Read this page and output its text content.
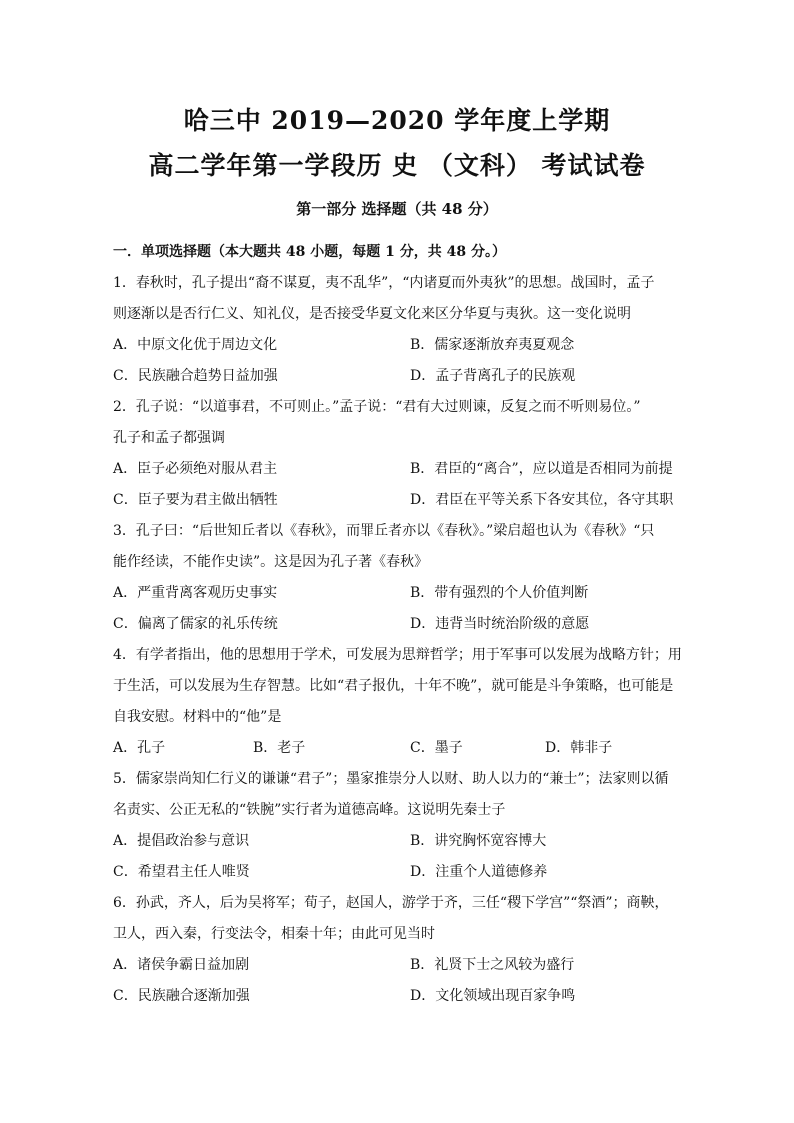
哈三中 2019—2020 学年度上学期
高二学年第一学段历 史 （文科） 考试试卷
第一部分 选择题（共 48 分）
一．单项选择题（本大题共 48 小题，每题 1 分，共 48 分。）
1．春秋时，孔子提出“裔不谋夏，夷不乱华”，“内诸夏而外夷狄”的思想。战国时，孟子
则逐渐以是否行仁义、知礼仪，是否接受华夏文化来区分华夏与夷狄。这一变化说明
A．中原文化优于周边文化	B．儒家逐渐放弃夷夏观念
C．民族融合趋势日益加强	D．孟子背离孔子的民族观
2．孔子说：“以道事君，不可则止。”孟子说：“君有大过则谏，反复之而不听则易位。”
孔子和孟子都强调
A．臣子必须绝对服从君主	B．君臣的“离合”，应以道是否相同为前提
C．臣子要为君主做出牺牲	D．君臣在平等关系下各安其位，各守其职
3．孔子曰：“后世知丘者以《春秋》，而罪丘者亦以《春秋》。”梁启超也认为《春秋》“只
能作经读，不能作史读”。这是因为孔子著《春秋》
A．严重背离客观历史事实	B．带有强烈的个人价值判断
C．偏离了儒家的礼乐传统	D．违背当时统治阶级的意愿
4．有学者指出，他的思想用于学术，可发展为思辩哲学；用于军事可以发展为战略方针；用
于生活，可以发展为生存智慧。比如“君子报仇，十年不晚”，就可能是斗争策略，也可能是
自我安慰。材料中的“他”是
A．孔子	B．老子	C．墨子	D．韩非子
5．儒家崇尚知仁行义的谦谦“君子”；墨家推崇分人以财、助人以力的“兼士”；法家则以循
名责实、公正无私的“铁腕”实行者为道德高峰。这说明先秦士子
A．提倡政治参与意识	B．讲究胸怀宽容博大
C．希望君主任人唯贤	D．注重个人道德修养
6．孙武，齐人，后为吴将军；荀子，赵国人，游学于齐，三任“稷下学宫”“祭酒”；商鞅，
卫人，西入秦，行变法令，相秦十年；由此可见当时
A．诸侯争霸日益加剧	B．礼贤下士之风较为盛行
C．民族融合逐渐加强	D．文化领域出现百家争鸣
